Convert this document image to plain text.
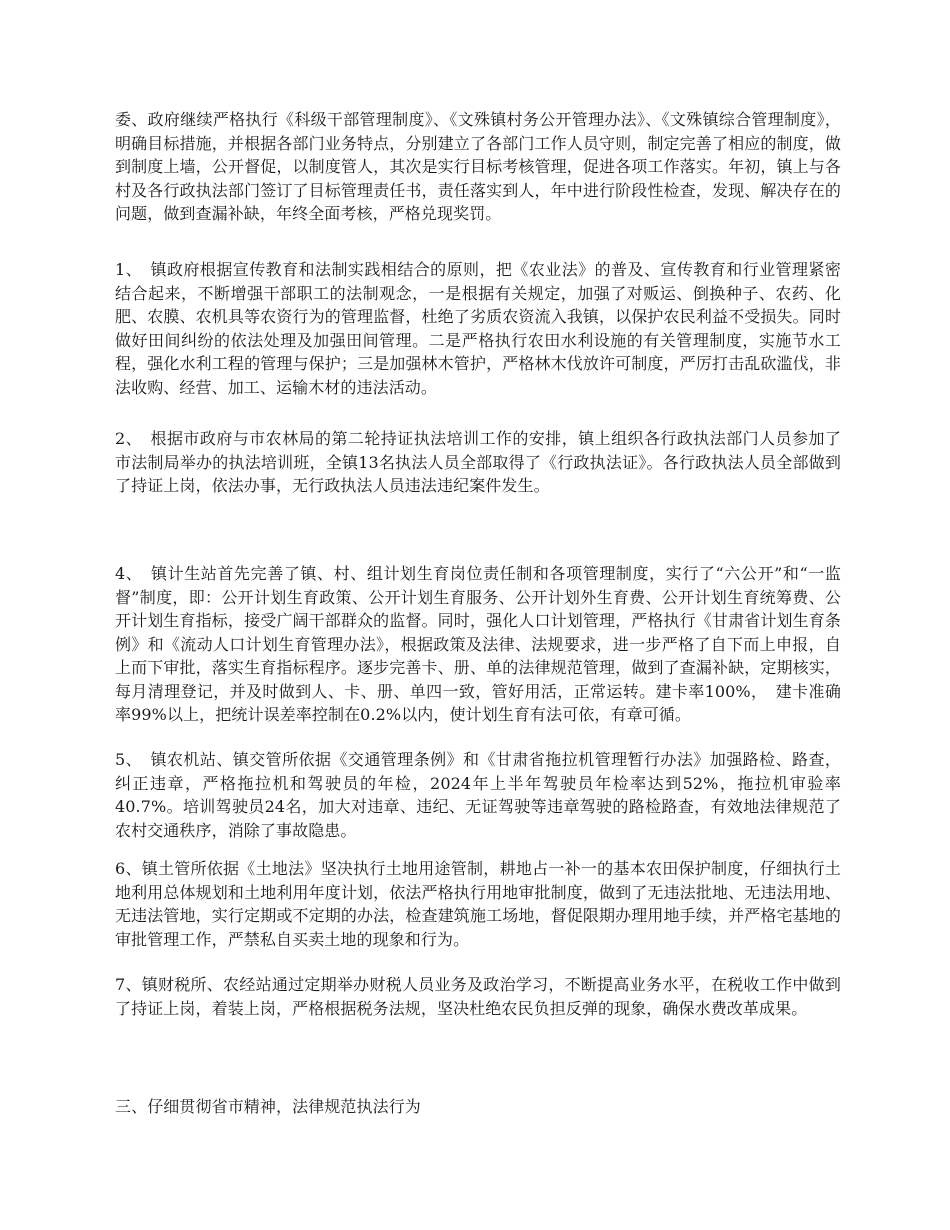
委、政府继续严格执行《科级干部管理制度》、《文殊镇村务公开管理办法》、《文殊镇综合管理制度》，明确目标措施，并根据各部门业务特点，分别建立了各部门工作人员守则，制定完善了相应的制度，做到制度上墙，公开督促，以制度管人，其次是实行目标考核管理，促进各项工作落实。年初，镇上与各村及各行政执法部门签订了目标管理责任书，责任落实到人，年中进行阶段性检查，发现、解决存在的问题，做到查漏补缺，年终全面考核，严格兑现奖罚。

1、　镇政府根据宣传教育和法制实践相结合的原则，把《农业法》的普及、宣传教育和行业管理紧密结合起来，不断增强干部职工的法制观念，一是根据有关规定，加强了对贩运、倒换种子、农药、化肥、农膜、农机具等农资行为的管理监督，杜绝了劣质农资流入我镇，以保护农民利益不受损失。同时做好田间纠纷的依法处理及加强田间管理。二是严格执行农田水利设施的有关管理制度，实施节水工程，强化水利工程的管理与保护；三是加强林木管护，严格林木伐放许可制度，严厉打击乱砍滥伐，非法收购、经营、加工、运输木材的违法活动。

2、　根据市政府与市农林局的第二轮持证执法培训工作的安排，镇上组织各行政执法部门人员参加了市法制局举办的执法培训班，全镇13名执法人员全部取得了《行政执法证》。各行政执法人员全部做到了持证上岗，依法办事，无行政执法人员违法违纪案件发生。

4、　镇计生站首先完善了镇、村、组计划生育岗位责任制和各项管理制度，实行了“六公开”和“一监督”制度，即：公开计划生育政策、公开计划生育服务、公开计划外生育费、公开计划生育统筹费、公开计划生育指标，接受广阔干部群众的监督。同时，强化人口计划管理，严格执行《甘肃省计划生育条例》和《流动人口计划生育管理办法》，根据政策及法律、法规要求，进一步严格了自下而上申报，自上而下审批，落实生育指标程序。逐步完善卡、册、单的法律规范管理，做到了查漏补缺，定期核实，每月清理登记，并及时做到人、卡、册、单四一致，管好用活，正常运转。建卡率100%，　建卡准确率99%以上，把统计误差率控制在0.2%以内，使计划生育有法可依，有章可循。

5、　镇农机站、镇交管所依据《交通管理条例》和《甘肃省拖拉机管理暂行办法》加强路检、路查，纠正违章，严格拖拉机和驾驶员的年检，2024年上半年驾驶员年检率达到52%，拖拉机审验率40.7%。培训驾驶员24名，加大对违章、违纪、无证驾驶等违章驾驶的路检路查，有效地法律规范了农村交通秩序，消除了事故隐患。

6、镇土管所依据《土地法》坚决执行土地用途管制，耕地占一补一的基本农田保护制度，仔细执行土地利用总体规划和土地利用年度计划，依法严格执行用地审批制度，做到了无违法批地、无违法用地、无违法管地，实行定期或不定期的办法，检查建筑施工场地，督促限期办理用地手续，并严格宅基地的审批管理工作，严禁私自买卖土地的现象和行为。

7、镇财税所、农经站通过定期举办财税人员业务及政治学习，不断提高业务水平，在税收工作中做到了持证上岗，着装上岗，严格根据税务法规，坚决杜绝农民负担反弹的现象，确保水费改革成果。

三、仔细贯彻省市精神，法律规范执法行为
